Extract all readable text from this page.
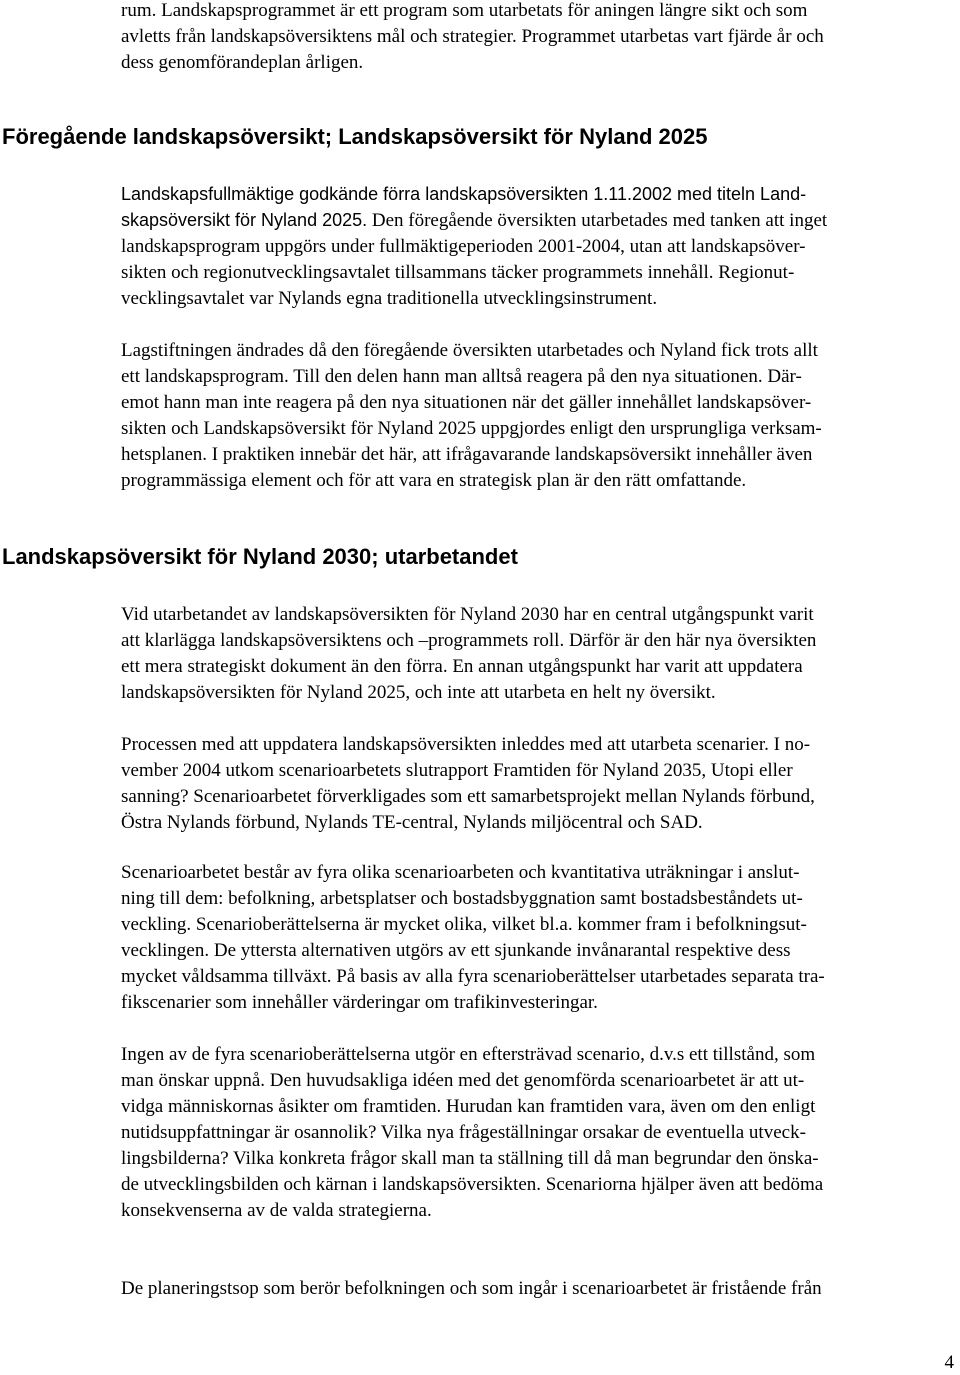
rum. Landskapsprogrammet är ett program som utarbetats för aningen längre sikt och som
avletts från landskapsöversiktens mål och strategier. Programmet utarbetas vart fjärde år och
dess genomförandeplan årligen.
Föregående landskapsöversikt; Landskapsöversikt för Nyland 2025
Landskapsfullmäktige godkände förra landskapsöversikten 1.11.2002 med titeln Land-
skapsöversikt för Nyland 2025. Den föregående översikten utarbetades med tanken att inget
landskapsprogram uppgörs under fullmäktigeperioden 2001-2004, utan att landskapsöver-
sikten och regionutvecklingsavtalet tillsammans täcker programmets innehåll. Regionut-
vecklingsavtalet var Nylands egna traditionella utvecklingsinstrument.
Lagstiftningen ändrades då den föregående översikten utarbetades och Nyland fick trots allt
ett landskapsprogram. Till den delen hann man alltså reagera på den nya situationen. Där-
emot hann man inte reagera på den nya situationen när det gäller innehållet landskapsöver-
sikten och Landskapsöversikt för Nyland 2025 uppgjordes enligt den ursprungliga verksam-
hetsplanen. I praktiken innebär det här, att ifrågavarande landskapsöversikt innehåller även
programmässiga element och för att vara en strategisk plan är den rätt omfattande.
Landskapsöversikt för Nyland 2030; utarbetandet
Vid utarbetandet av landskapsöversikten för Nyland 2030 har en central utgångspunkt varit
att klarlägga landskapsöversiktens och –programmets roll. Därför är den här nya översikten
ett mera strategiskt dokument än den förra. En annan utgångspunkt har varit att uppdatera
landskapsöversikten för Nyland 2025, och inte att utarbeta en helt ny översikt.
Processen med att uppdatera landskapsöversikten inleddes med att utarbeta scenarier. I no-
vember 2004 utkom scenarioarbetets slutrapport Framtiden för Nyland 2035, Utopi eller
sanning? Scenarioarbetet förverkligades som ett samarbetsprojekt mellan Nylands förbund,
Östra Nylands förbund, Nylands TE-central, Nylands miljöcentral och SAD.
Scenarioarbetet består av fyra olika scenarioarbeten och kvantitativa uträkningar i anslut-
ning till dem: befolkning, arbetsplatser och bostadsbyggnation samt bostadsbeståndets ut-
veckling. Scenarioberättelserna är mycket olika, vilket bl.a. kommer fram i befolkningsut-
vecklingen. De yttersta alternativen utgörs av ett sjunkande invånarantal respektive dess
mycket våldsamma tillväxt. På basis av alla fyra scenarioberättelser utarbetades separata tra-
fikscenarier som innehåller värderingar om trafikinvesteringar.
Ingen av de fyra scenarioberättelserna utgör en eftersträvad scenario, d.v.s ett tillstånd, som
man önskar uppnå. Den huvudsakliga idéen med det genomförda scenarioarbetet är att ut-
vidga människornas åsikter om framtiden. Hurudan kan framtiden vara, även om den enligt
nutidsuppfattningar är osannolik? Vilka nya frågeställningar orsakar de eventuella utveck-
lingsbilderna? Vilka konkreta frågor skall man ta ställning till då man begrundar den önska-
de utvecklingsbilden och kärnan i landskapsöversikten. Scenariorna hjälper även att bedöma
konsekvenserna av de valda strategierna.
De planeringstsop som berör befolkningen och som ingår i scenarioarbetet är fristående från
4
